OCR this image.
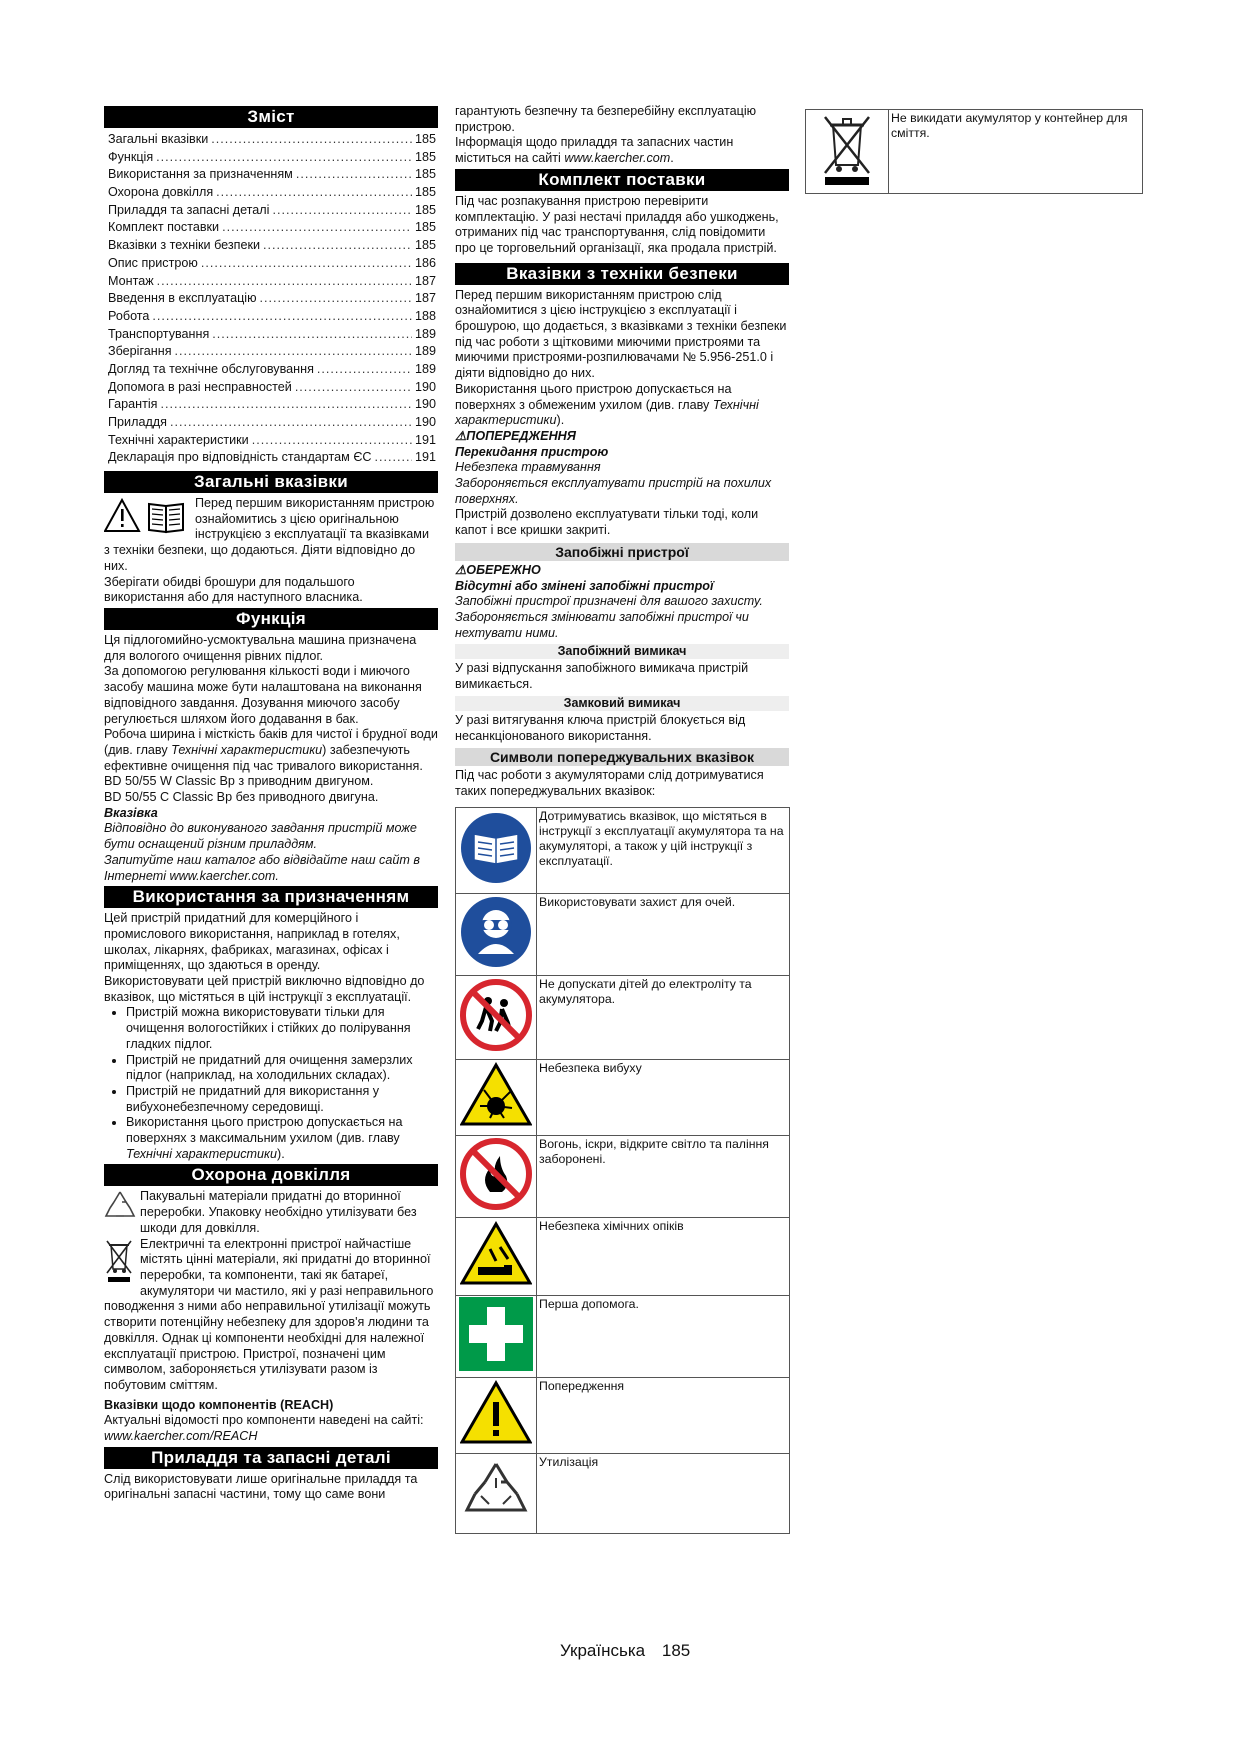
Зміст
Загальні вказівки .....	185
Функція .....	185
Використання за призначенням .....	185
Охорона довкілля .....	185
Приладдя та запасні деталі .....	185
Комплект поставки .....	185
Вказівки з техніки безпеки .....	185
Опис пристрою .....	186
Монтаж .....	187
Введення в експлуатацію .....	187
Робота .....	188
Транспортування .....	189
Зберігання .....	189
Догляд та технічне обслуговування .....	189
Допомога в разі несправностей .....	190
Гарантія .....	190
Приладдя .....	190
Технічні характеристики .....	191
Декларація про відповідність стандартам ЄС .....	191
Загальні вказівки

Перед першим використанням пристрою ознайомитись з цією оригінальною інструкцією з експлуатації та вказівками з техніки безпеки, що додаються. Діяти відповідно до них.

Зберігати обидві брошури для подальшого використання або для наступного власника.

Функція

Ця підлогомийно-усмоктувальна машина призначена для вологого очищення рівних підлог.

За допомогою регулювання кількості води і миючого засобу машина може бути налаштована на виконання відповідного завдання. Дозування миючого засобу регулюється шляхом його додавання в бак.

Робоча ширина і місткість баків для чистої і брудної води (див. главу Технічні характеристики) забезпечують ефективне очищення під час тривалого використання.

BD 50/55 W Classic Bp з приводним двигуном.

BD 50/55 C Classic Bp без приводного двигуна.

Вказівка

Відповідно до виконуваного завдання пристрій може бути оснащений різним приладдям.

Запитуйте наш каталог або відвідайте наш сайт в Інтернеті www.kaercher.com.

Використання за призначенням

Цей пристрій придатний для комерційного і промислового використання, наприклад в готелях, школах, лікарнях, фабриках, магазинах, офісах і приміщеннях, що здаються в оренду.

Використовувати цей пристрій виключно відповідно до вказівок, що містяться в цій інструкції з експлуатації.

• Пристрій можна використовувати тільки для очищення вологостійких і стійких до полірування гладких підлог.
• Пристрій не придатний для очищення замерзлих підлог (наприклад, на холодильних складах).
• Пристрій не придатний для використання у вибухонебезпечному середовищі.
• Використання цього пристрою допускається на поверхнях з максимальним ухилом (див. главу Технічні характеристики).
Охорона довкілля

Пакувальні матеріали придатні до вторинної переробки. Упаковку необхідно утилізувати без шкоди для довкілля.

Електричні та електронні пристрої найчастіше містять цінні матеріали, які придатні до вторинної переробки, та компоненти, такі як батареї, акумулятори чи мастило, які у разі неправильного поводження з ними або неправильної утилізації можуть створити потенційну небезпеку для здоров'я людини та довкілля. Однак ці компоненти необхідні для належної експлуатації пристрою. Пристрої, позначені цим символом, забороняється утилізувати разом із побутовим сміттям.

Вказівки щодо компонентів (REACH)

Актуальні відомості про компоненти наведені на сайті: www.kaercher.com/REACH

Приладдя та запасні деталі

Слід використовувати лише оригінальне приладдя та оригінальні запасні частини, тому що саме вони

гарантують безпечну та безперебійну експлуатацію пристрою.

Інформація щодо приладдя та запасних частин міститься на сайті www.kaercher.com.

Комплект поставки

Під час розпакування пристрою перевірити комплектацію. У разі нестачі приладдя або ушкоджень, отриманих під час транспортування, слід повідомити про це торговельний організації, яка продала пристрій.

Вказівки з техніки безпеки

Перед першим використанням пристрою слід ознайомитися з цією інструкцією з експлуатації і брошурою, що додається, з вказівками з техніки безпеки під час роботи з щітковими миючими пристроями та миючими пристроями-розпилювачами № 5.956-251.0 і діяти відповідно до них.

Використання цього пристрою допускається на поверхнях з обмеженим ухилом (див. главу Технічні характеристики).

⚠ПОПЕРЕДЖЕННЯ

Перекидання пристрою

Небезпека травмування

Забороняється експлуатувати пристрій на похилих поверхнях.

Пристрій дозволено експлуатувати тільки тоді, коли капот і все кришки закриті.

Запобіжні пристрої

⚠ОБЕРЕЖНО

Відсутні або змінені запобіжні пристрої

Запобіжні пристрої призначені для вашого захисту.

Забороняється змінювати запобіжні пристрої чи нехтувати ними.

Запобіжний вимикач

У разі відпускання запобіжного вимикача пристрій вимикається.

Замковий вимикач

У разі витягування ключа пристрій блокується від несанкціонованого використання.

Символи попереджувальних вказівок

Під час роботи з акумуляторами слід дотримуватися таких попереджувальних вказівок:

	Дотримуватись вказівок, що містяться в інструкції з експлуатації акумулятора та на акумуляторі, а також у цій інструкції з експлуатації.
	Використовувати захист для очей.
	Не допускати дітей до електроліту та акумулятора.
	Небезпека вибуху
	Вогонь, іскри, відкрите світло та паління заборонені.
	Небезпека хімічних опіків
	Перша допомога.
	Попередження
	Утилізація
	Не викидати акумулятор у контейнер для сміття.
Українська 185
